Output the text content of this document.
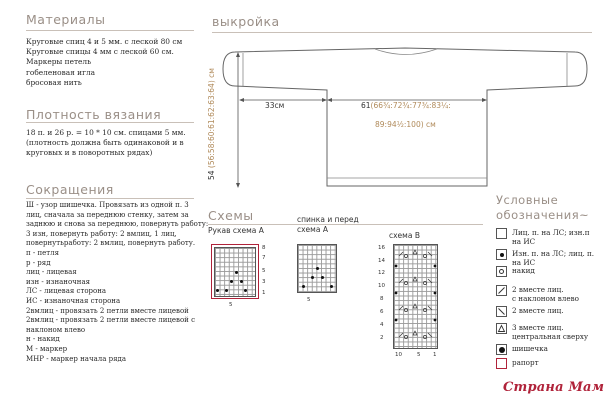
Материалы
Круговые спиц 4 и 5 мм. с леской 80 см
Круговые спицы 4 мм с леской 60 см.
Маркеры петель
гобеленовая игла
бросовая нить
Плотность вязания
18 п. и 26 р. = 10 * 10 см. спицами 5 мм.
(плотность должна быть одинаковой и в
круговых и в поворотных рядах)
Сокращения
Ш - узор шишечка. Провязать из одной п. 3
лиц, сначала за переднюю стенку, затем за
заднюю и снова за переднюю, повернуть работу:
3 изн, повернуть работу: 2 вмлиц, 1 лиц,
повернутьработу: 2 вмлиц, повернуть работу.
п - петля
р - ряд
лиц - лицевая
изн - изнаночная
ЛС - лицевая сторона
ИС - изнаночная сторона
2вмлиц - провязать 2 петли вместе лицевой
2вмлиц - провязать 2 петли вместе лицевой с
наклоном влево
н - накид
М - маркер
МНР - маркер начала ряда
выкройка
33см	61(66¾:72¾:77¾:83¼:
89:94½:100) см
54 (56:58:60:61:62:63:64) см
Схемы
Рукав схема A
8
7
5
3
1
5
спинка и перед
схема A
5
схема B
16
14
12
10
8
6
4
2
10	5 1
Условные
обозначения~
Лиц. п. на ЛС; изн.п
на ИС
Изн. п. на ЛС; лиц. п.
на ИС
накид
2 вместе лиц.
с наклоном влево
2 вместе лиц.
3 вместе лиц.
центральная сверху
шишечка
рапорт
Страна Мам
